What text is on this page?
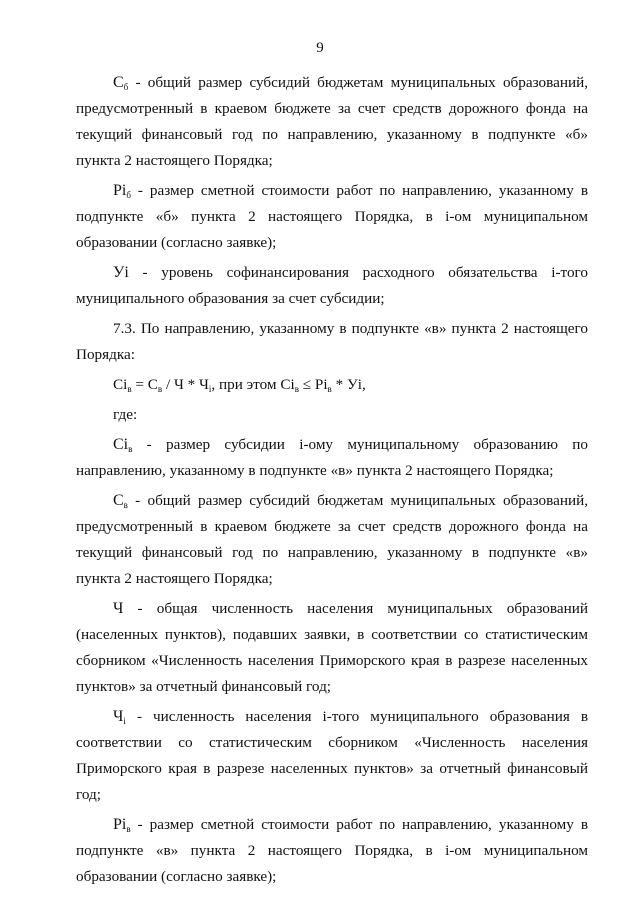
9

$С_б$ - общий размер субсидий бюджетам муниципальных образований, предусмотренный в краевом бюджете за счет средств дорожного фонда на текущий финансовый год по направлению, указанному в подпункте «б» пункта 2 настоящего Порядка;

$Pi_б$ - размер сметной стоимости работ по направлению, указанному в подпункте «б» пункта 2 настоящего Порядка, в i-ом муниципальном образовании (согласно заявке);

Уi - уровень софинансирования расходного обязательства i-того муниципального образования за счет субсидии;

7.3. По направлению, указанному в подпункте «в» пункта 2 настоящего Порядка:

$Сi_в = С_в / Ч * Ч_i$, при этом $Сi_в \le Pi_в$ * Уi,

где:

$Сi_в$ - размер субсидии i-ому муниципальному образованию по направлению, указанному в подпункте «в» пункта 2 настоящего Порядка;

$С_в$ - общий размер субсидий бюджетам муниципальных образований, предусмотренный в краевом бюджете за счет средств дорожного фонда на текущий финансовый год по направлению, указанному в подпункте «в» пункта 2 настоящего Порядка;

Ч - общая численность населения муниципальных образований (населенных пунктов), подавших заявки, в соответствии со статистическим сборником «Численность населения Приморского края в разрезе населенных пунктов» за отчетный финансовый год;

$Ч_i$ - численность населения i-того муниципального образования в соответствии со статистическим сборником «Численность населения Приморского края в разрезе населенных пунктов» за отчетный финансовый год;

$Pi_в$ - размер сметной стоимости работ по направлению, указанному в подпункте «в» пункта 2 настоящего Порядка, в i-ом муниципальном образовании (согласно заявке);
